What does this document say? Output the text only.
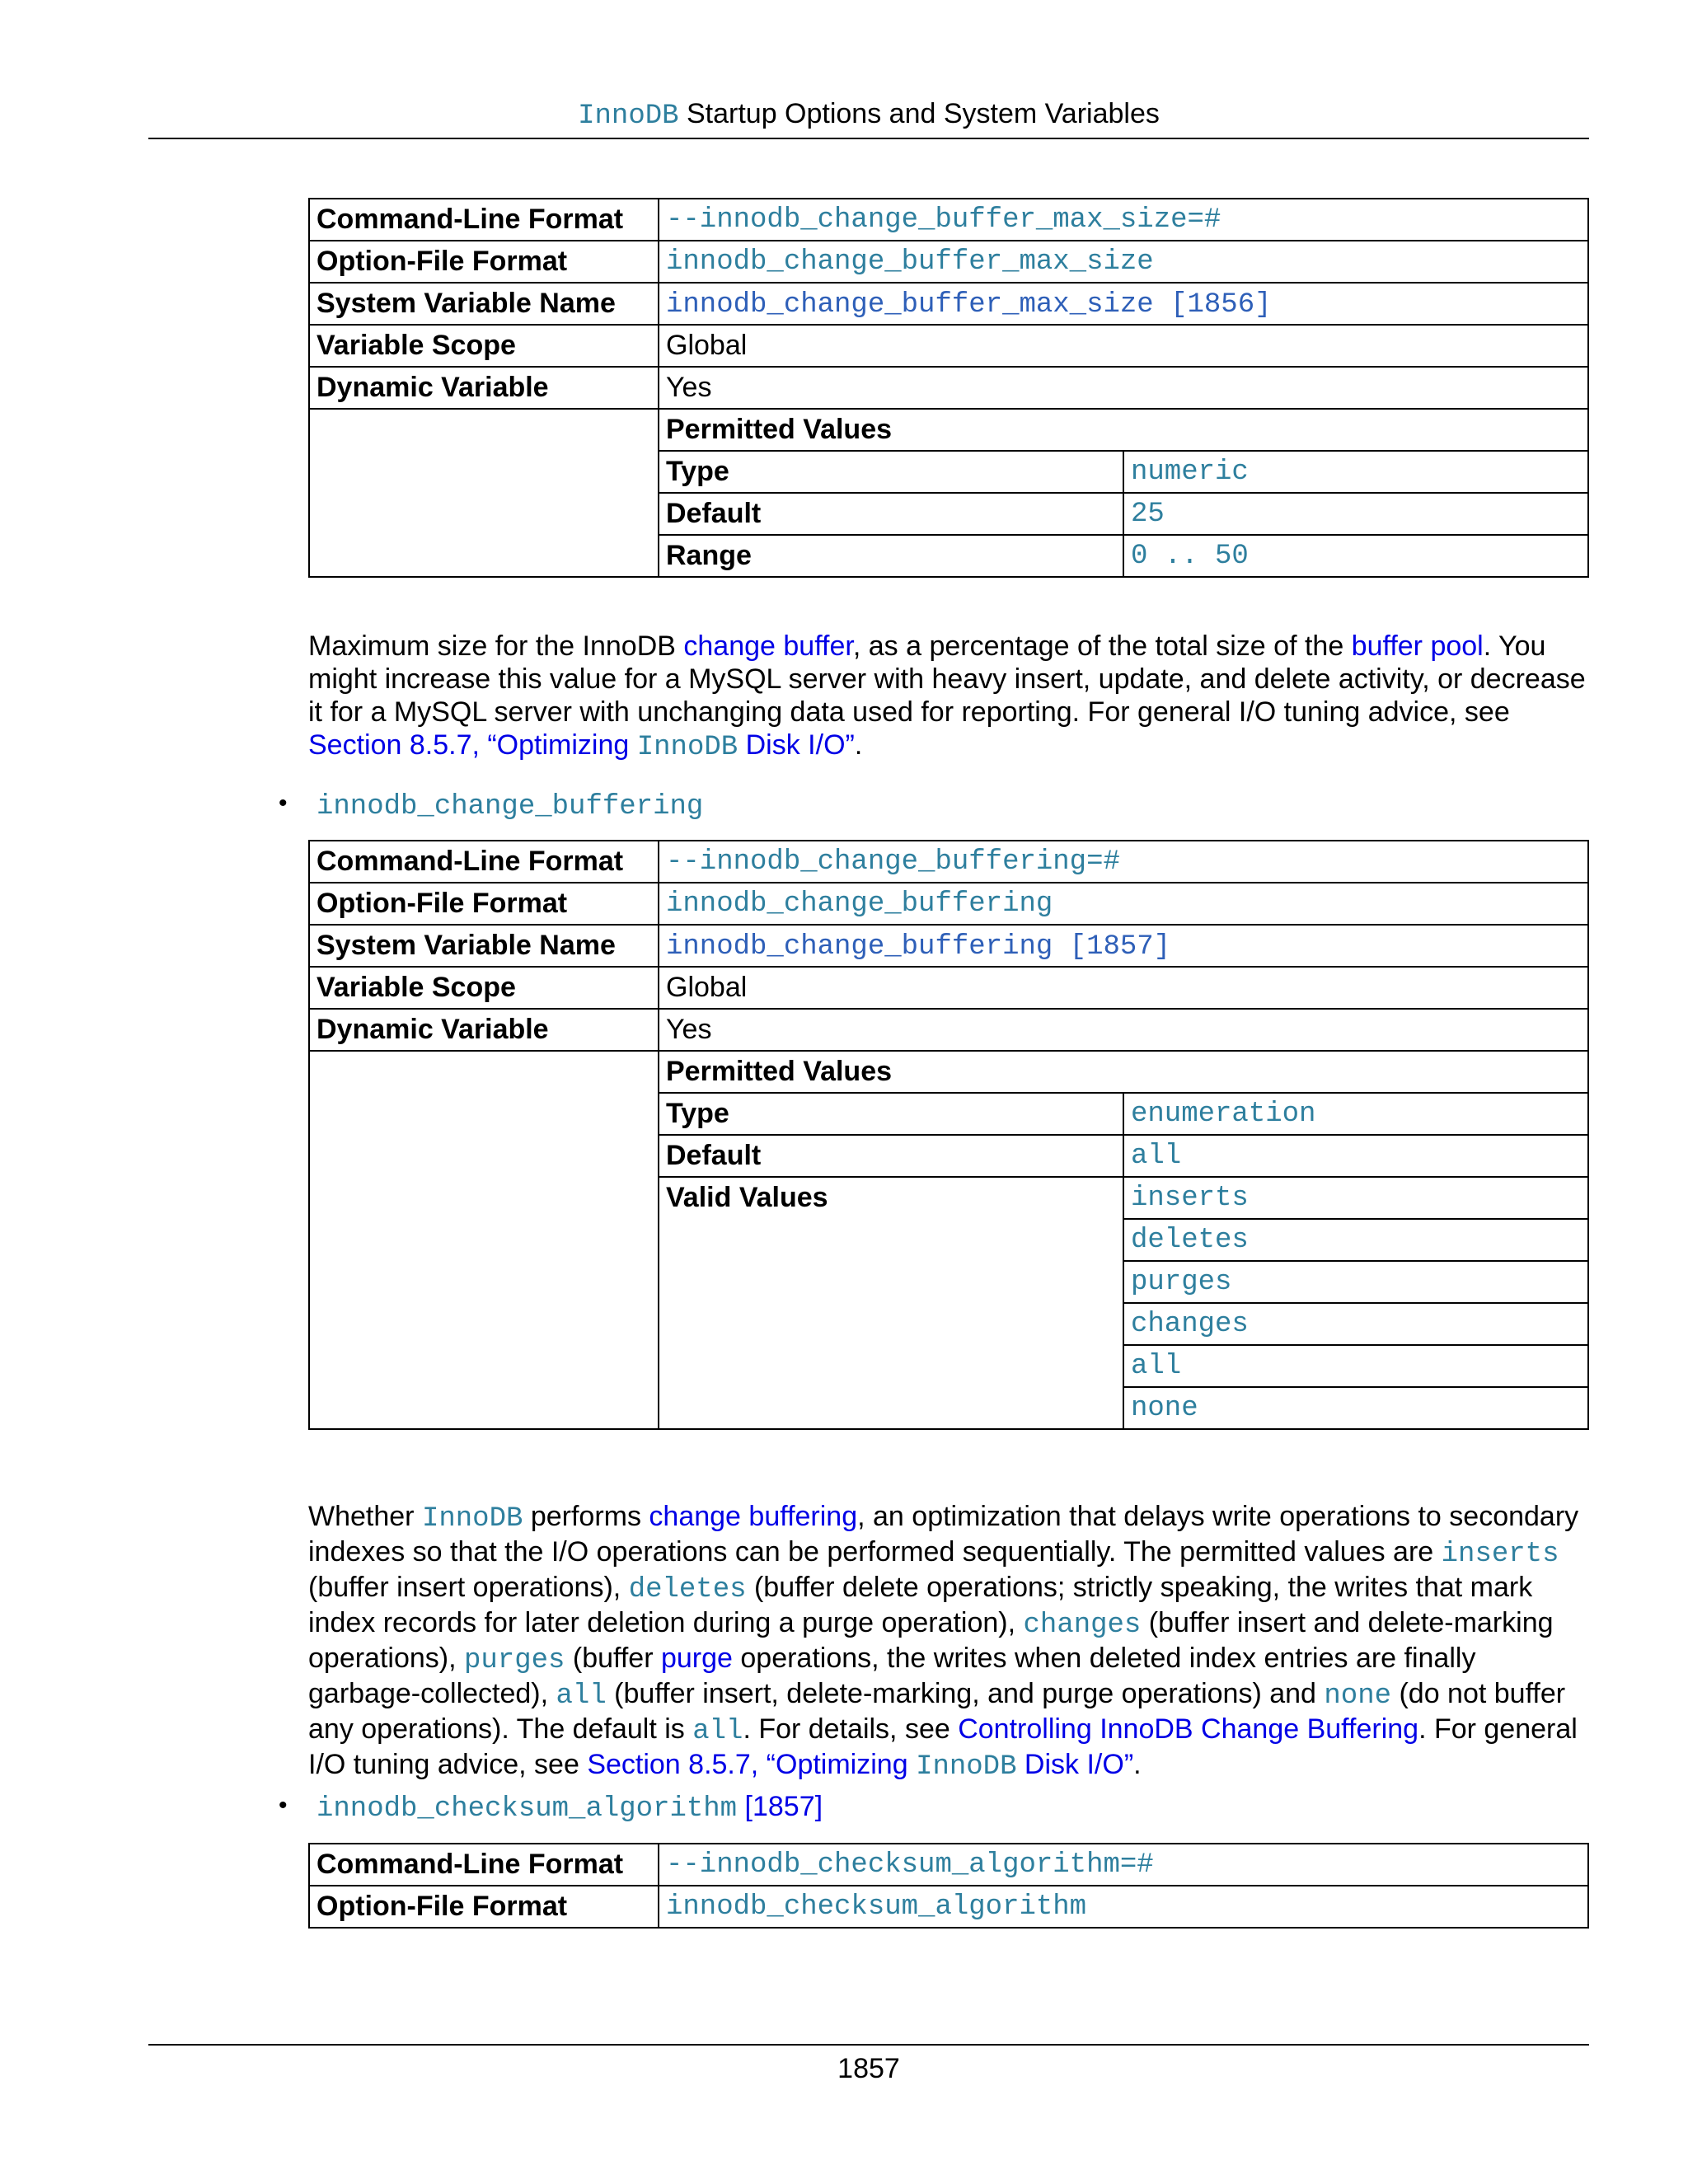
InnoDB Startup Options and System Variables
Command-Line Format	--innodb_change_buffer_max_size=#	
Option-File Format	innodb_change_buffer_max_size	
System Variable Name	innodb_change_buffer_max_size [1856]	
Variable Scope	Global	
Dynamic Variable	Yes	
	Permitted Values	
	Type	numeric
	Default	25
	Range	0 .. 50
Maximum size for the InnoDB change buffer, as a percentage of the total size of the buffer pool. You might increase this value for a MySQL server with heavy insert, update, and delete activity, or decrease it for a MySQL server with unchanging data used for reporting. For general I/O tuning advice, see Section 8.5.7, “Optimizing InnoDB Disk I/O”.
• innodb_change_buffering
Command-Line Format	--innodb_change_buffering=#	
Option-File Format	innodb_change_buffering	
System Variable Name	innodb_change_buffering [1857]	
Variable Scope	Global	
Dynamic Variable	Yes	
	Permitted Values	
	Type	enumeration
	Default	all
	Valid Values	inserts
		deletes
		purges
		changes
		all
		none
Whether InnoDB performs change buffering, an optimization that delays write operations to secondary indexes so that the I/O operations can be performed sequentially. The permitted values are inserts (buffer insert operations), deletes (buffer delete operations; strictly speaking, the writes that mark index records for later deletion during a purge operation), changes (buffer insert and delete-marking operations), purges (buffer purge operations, the writes when deleted index entries are finally garbage-collected), all (buffer insert, delete-marking, and purge operations) and none (do not buffer any operations). The default is all. For details, see Controlling InnoDB Change Buffering. For general I/O tuning advice, see Section 8.5.7, “Optimizing InnoDB Disk I/O”.
• innodb_checksum_algorithm [1857]
Command-Line Format	--innodb_checksum_algorithm=#
Option-File Format	innodb_checksum_algorithm
1857
